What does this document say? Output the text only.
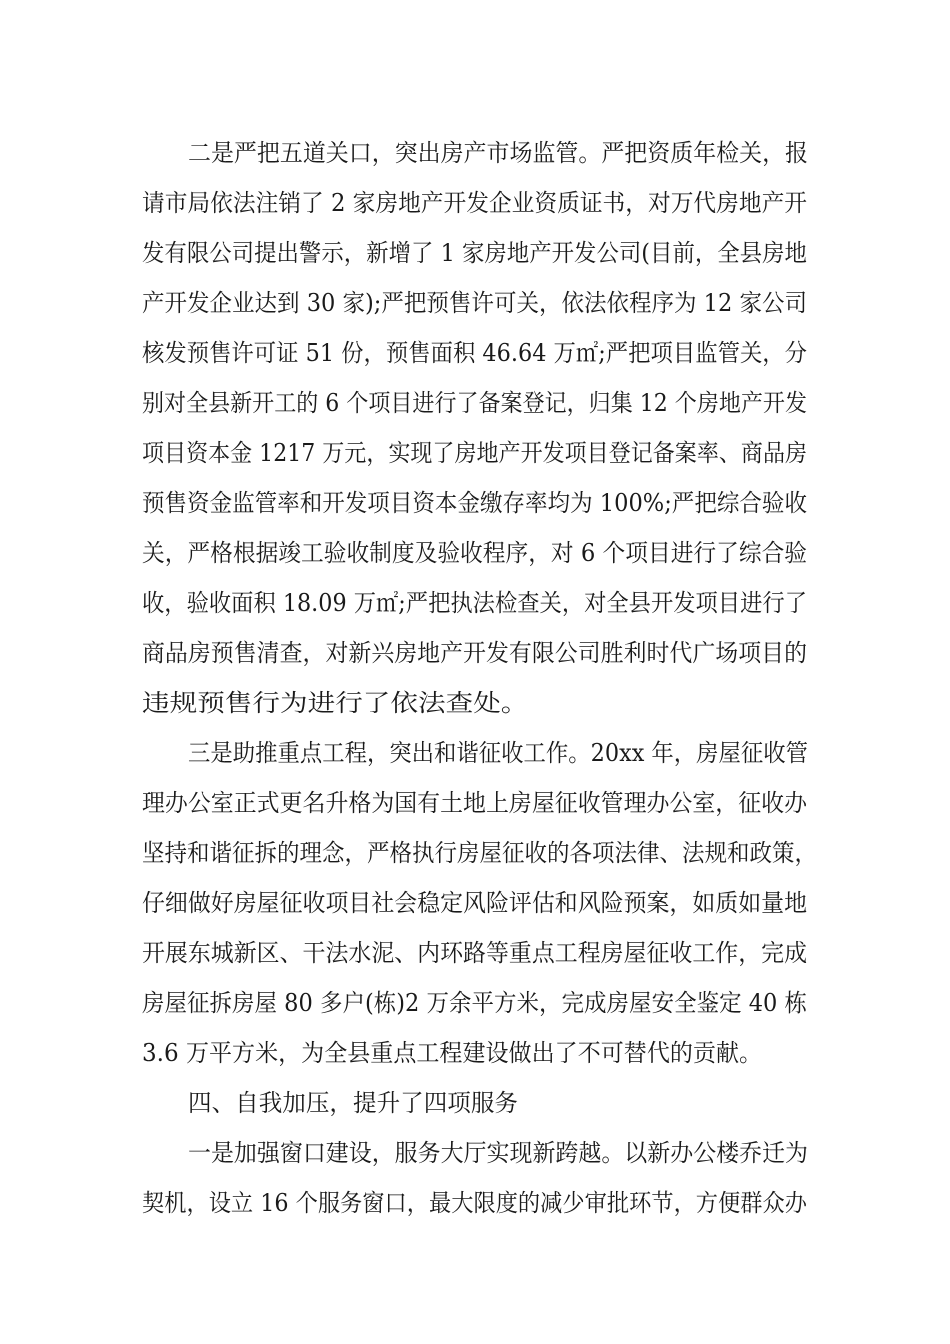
二是严把五道关口，突出房产市场监管。严把资质年检关，报
请市局依法注销了 2 家房地产开发企业资质证书，对万代房地产开
发有限公司提出警示，新增了 1 家房地产开发公司(目前，全县房地
产开发企业达到 30 家);严把预售许可关，依法依程序为 12 家公司
核发预售许可证 51 份，预售面积 46.64 万㎡;严把项目监管关，分
别对全县新开工的 6 个项目进行了备案登记，归集 12 个房地产开发
项目资本金 1217 万元，实现了房地产开发项目登记备案率、商品房
预售资金监管率和开发项目资本金缴存率均为 100%;严把综合验收
关，严格根据竣工验收制度及验收程序，对 6 个项目进行了综合验
收，验收面积 18.09 万㎡;严把执法检查关，对全县开发项目进行了
商品房预售清查，对新兴房地产开发有限公司胜利时代广场项目的
违规预售行为进行了依法查处。
三是助推重点工程，突出和谐征收工作。20xx 年，房屋征收管
理办公室正式更名升格为国有土地上房屋征收管理办公室，征收办
坚持和谐征拆的理念，严格执行房屋征收的各项法律、法规和政策，
仔细做好房屋征收项目社会稳定风险评估和风险预案，如质如量地
开展东城新区、干法水泥、内环路等重点工程房屋征收工作，完成
房屋征拆房屋 80 多户(栋)2 万余平方米，完成房屋安全鉴定 40 栋
3.6 万平方米，为全县重点工程建设做出了不可替代的贡献。
四、自我加压，提升了四项服务
一是加强窗口建设，服务大厅实现新跨越。以新办公楼乔迁为
契机，设立 16 个服务窗口，最大限度的减少审批环节，方便群众办
